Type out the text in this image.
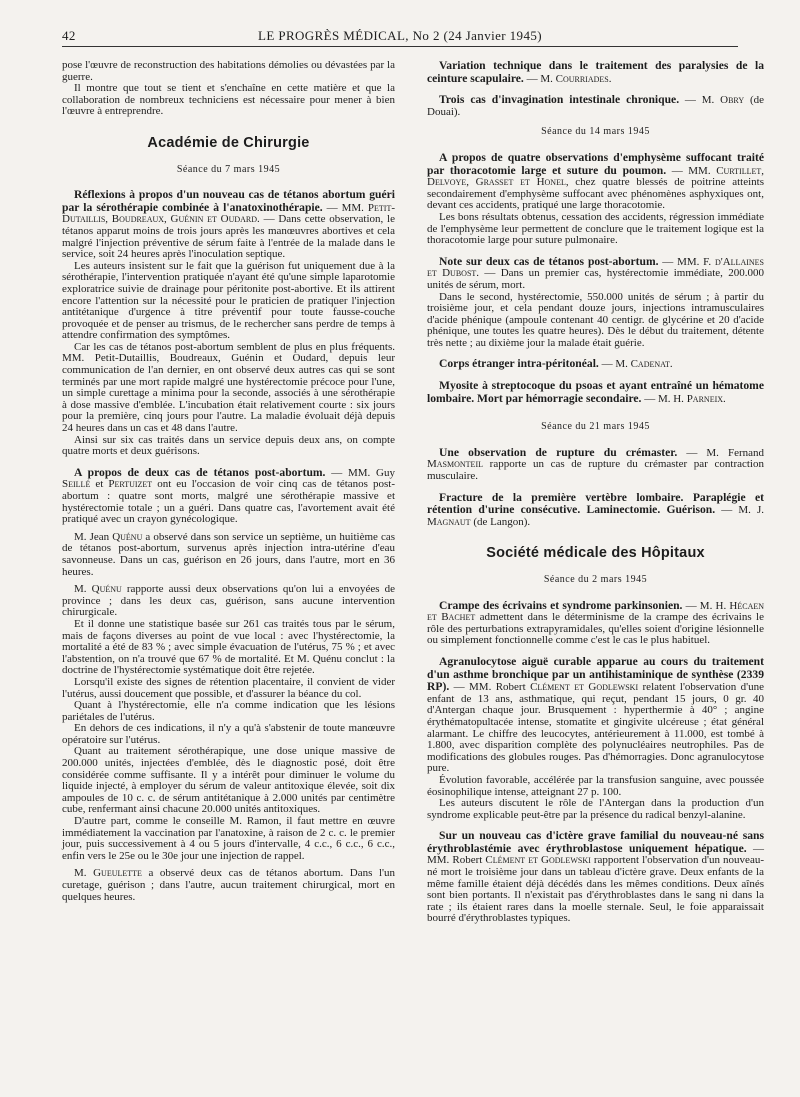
42	LE PROGRÈS MÉDICAL, No 2 (24 Janvier 1945)

pose l'œuvre de reconstruction des habitations démolies ou dévastées par la guerre.

Il montre que tout se tient et s'enchaîne en cette matière et que la collaboration de nombreux techniciens est nécessaire pour mener à bien l'œuvre à entreprendre.

Académie de Chirurgie
Séance du 7 mars 1945

Réflexions à propos d'un nouveau cas de tétanos abortum guéri par la sérothérapie combinée à l'anatoxinothérapie. — MM. Petit-Dutaillis, Boudreaux, Guénin et Oudard. — Dans cette observation, le tétanos apparut moins de trois jours après les manœuvres abortives et cela malgré l'injection préventive de sérum faite à l'entrée de la malade dans le service, soit 24 heures après l'inoculation septique.

Les auteurs insistent sur le fait que la guérison fut uniquement due à la sérothérapie, l'intervention pratiquée n'ayant été qu'une simple laparotomie exploratrice suivie de drainage pour péritonite post-abortive. Et ils attirent encore l'attention sur la nécessité pour le praticien de pratiquer l'injection antitétanique d'urgence à titre préventif pour toute fausse-couche provoquée et de penser au trismus, de le rechercher sans perdre de temps à attendre confirmation des symptômes.

Car les cas de tétanos post-abortum semblent de plus en plus fréquents. MM. Petit-Dutaillis, Boudreaux, Guénin et Oudard, depuis leur communication de l'an dernier, en ont observé deux autres cas qui se sont terminés par une mort rapide malgré une hystérectomie précoce pour l'une, un simple curettage a minima pour la seconde, associés à une sérothérapie à dose massive d'emblée. L'incubation était relativement courte : six jours pour la première, cinq jours pour l'autre. La maladie évoluait déjà depuis 24 heures dans un cas et 48 dans l'autre.

Ainsi sur six cas traités dans un service depuis deux ans, on compte quatre morts et deux guérisons.

A propos de deux cas de tétanos post-abortum. — MM. Guy Seillé et Pertuizet ont eu l'occasion de voir cinq cas de tétanos post-abortum : quatre sont morts, malgré une sérothérapie massive et hystérectomie totale ; un a guéri. Dans quatre cas, l'avortement avait été pratiqué avec un crayon gynécologique.

M. Jean Quénu a observé dans son service un septième, un huitième cas de tétanos post-abortum, survenus après injection intra-utérine d'eau savonneuse. Dans un cas, guérison en 26 jours, dans l'autre, mort en 36 heures.

M. Quénu rapporte aussi deux observations qu'on lui a envoyées de province ; dans les deux cas, guérison, sans aucune intervention chirurgicale.

Et il donne une statistique basée sur 261 cas traités tous par le sérum, mais de façons diverses au point de vue local : avec l'hystérectomie, la mortalité a été de 83 % ; avec simple évacuation de l'utérus, 75 % ; et avec l'abstention, on n'a trouvé que 67 % de mortalité. Et M. Quénu conclut : la doctrine de l'hystérectomie systématique doit être rejetée.

Lorsqu'il existe des signes de rétention placentaire, il convient de vider l'utérus, aussi doucement que possible, et d'assurer la béance du col.

Quant à l'hystérectomie, elle n'a comme indication que les lésions pariétales de l'utérus.

En dehors de ces indications, il n'y a qu'à s'abstenir de toute manœuvre opératoire sur l'utérus.

Quant au traitement sérothérapique, une dose unique massive de 200.000 unités, injectées d'emblée, dès le diagnostic posé, doit être considérée comme suffisante. Il y a intérêt pour diminuer le volume du liquide injecté, à employer du sérum de valeur antitoxique élevée, soit dix ampoules de 10 c. c. de sérum antitétanique à 2.000 unités par centimètre cube, renfermant ainsi chacune 20.000 unités antitoxiques.

D'autre part, comme le conseille M. Ramon, il faut mettre en œuvre immédiatement la vaccination par l'anatoxine, à raison de 2 c. c. le premier jour, puis successivement à 4 ou 5 jours d'intervalle, 4 c.c., 6 c.c., 6 c.c., enfin vers le 25e ou le 30e jour une injection de rappel.

M. Gueulette a observé deux cas de tétanos abortum. Dans l'un curetage, guérison ; dans l'autre, aucun traitement chirurgical, mort en quelques heures.

Variation technique dans le traitement des paralysies de la ceinture scapulaire. — M. Courriades.

Trois cas d'invagination intestinale chronique. — M. Obry (de Douai).

Séance du 14 mars 1945

A propos de quatre observations d'emphysème suffocant traité par thoracotomie large et suture du poumon. — MM. Curtillet, Delvoye, Grasset et Honel, chez quatre blessés de poitrine atteints secondairement d'emphysème suffocant avec phénomènes asphyxiques ont, devant ces accidents, pratiqué une large thoracotomie.

Les bons résultats obtenus, cessation des accidents, régression immédiate de l'emphysème leur permettent de conclure que le traitement logique est la thoracotomie large pour suture pulmonaire.

Note sur deux cas de tétanos post-abortum. — MM. F. d'Allaines et Dubost. — Dans un premier cas, hystérectomie immédiate, 200.000 unités de sérum, mort.

Dans le second, hystérectomie, 550.000 unités de sérum ; à partir du troisième jour, et cela pendant douze jours, injections intramusculaires d'acide phénique (ampoule contenant 40 centigr. de glycérine et 20 d'acide phénique, une toutes les quatre heures). Dès le début du traitement, détente très nette ; au dixième jour la malade était guérie.

Corps étranger intra-péritonéal. — M. Cadenat.

Myosite à streptocoque du psoas et ayant entraîné un hématome lombaire. Mort par hémorragie secondaire. — M. H. Parneix.

Séance du 21 mars 1945

Une observation de rupture du crémaster. — M. Fernand Masmonteil rapporte un cas de rupture du crémaster par contraction musculaire.

Fracture de la première vertèbre lombaire. Paraplégie et rétention d'urine consécutive. Laminectomie. Guérison. — M. J. Magnaut (de Langon).

Société médicale des Hôpitaux
Séance du 2 mars 1945

Crampe des écrivains et syndrome parkinsonien. — M. H. Hécaen et Bachet admettent dans le déterminisme de la crampe des écrivains le rôle des perturbations extrapyramidales, qu'elles soient d'origine lésionnelle ou simplement fonctionnelle comme c'est le cas le plus habituel.

Agranulocytose aiguë curable apparue au cours du traitement d'un asthme bronchique par un antihistaminique de synthèse (2339 RP). — MM. Robert Clément et Godlewski relatent l'observation d'une enfant de 13 ans, asthmatique, qui reçut, pendant 15 jours, 0 gr. 40 d'Antergan chaque jour. Brusquement : hyperthermie à 40° ; angine érythématopultacée intense, stomatite et gingivite ulcéreuse ; état général alarmant. Le chiffre des leucocytes, antérieurement à 11.000, est tombé à 1.800, avec disparition complète des polynucléaires neutrophiles. Pas de modifications des globules rouges. Pas d'hémorragies. Donc agranulocytose pure.

Évolution favorable, accélérée par la transfusion sanguine, avec poussée éosinophilique intense, atteignant 27 p. 100.

Les auteurs discutent le rôle de l'Antergan dans la production d'un syndrome explicable peut-être par la présence du radical benzyl-alanine.

Sur un nouveau cas d'ictère grave familial du nouveau-né sans érythroblastémie avec érythroblastose uniquement hépatique. — MM. Robert Clément et Godlewski rapportent l'observation d'un nouveau-né mort le troisième jour dans un tableau d'ictère grave. Deux enfants de la même famille étaient déjà décédés dans les mêmes conditions. Deux aînés sont bien portants. Il n'existait pas d'érythroblastes dans le sang ni dans la rate ; ils étaient rares dans la moelle sternale. Seul, le foie apparaissait bourré d'érythroblastes typiques.
